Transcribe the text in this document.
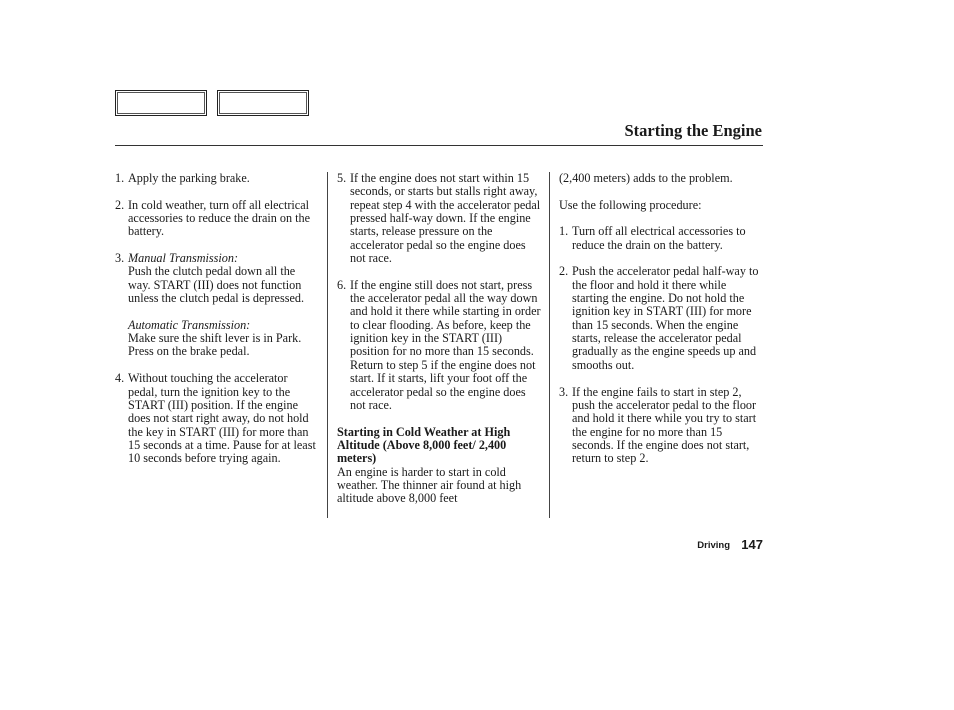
Starting the Engine
1. Apply the parking brake.
2. In cold weather, turn off all electrical accessories to reduce the drain on the battery.
3. Manual Transmission:
Push the clutch pedal down all the way. START (III) does not function unless the clutch pedal is depressed.
Automatic Transmission:
Make sure the shift lever is in Park. Press on the brake pedal.
4. Without touching the accelerator pedal, turn the ignition key to the START (III) position. If the engine does not start right away, do not hold the key in START (III) for more than 15 seconds at a time. Pause for at least 10 seconds before trying again.
5. If the engine does not start within 15 seconds, or starts but stalls right away, repeat step 4 with the accelerator pedal pressed half-way down. If the engine starts, release pressure on the accelerator pedal so the engine does not race.
6. If the engine still does not start, press the accelerator pedal all the way down and hold it there while starting in order to clear flooding. As before, keep the ignition key in the START (III) position for no more than 15 seconds. Return to step 5 if the engine does not start. If it starts, lift your foot off the accelerator pedal so the engine does not race.
Starting in Cold Weather at High Altitude (Above 8,000 feet/ 2,400 meters)
An engine is harder to start in cold weather. The thinner air found at high altitude above 8,000 feet
(2,400 meters) adds to the problem.
Use the following procedure:
1. Turn off all electrical accessories to reduce the drain on the battery.
2. Push the accelerator pedal half-way to the floor and hold it there while starting the engine. Do not hold the ignition key in START (III) for more than 15 seconds. When the engine starts, release the accelerator pedal gradually as the engine speeds up and smooths out.
3. If the engine fails to start in step 2, push the accelerator pedal to the floor and hold it there while you try to start the engine for no more than 15 seconds. If the engine does not start, return to step 2.
Driving 147
